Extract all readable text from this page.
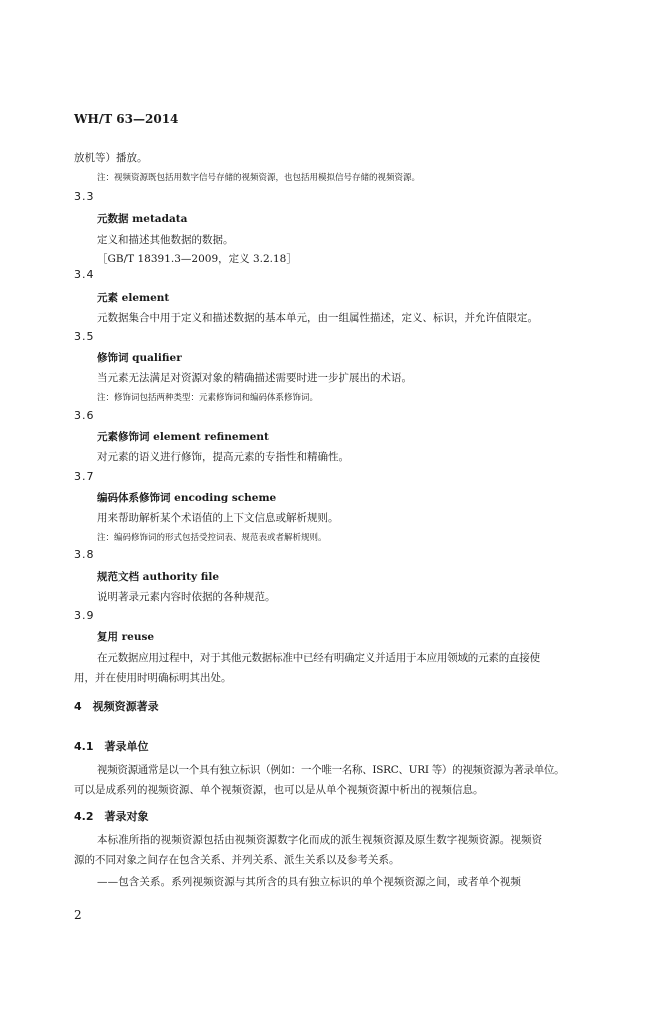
WH/T 63—2014
放机等）播放。
注：视频资源既包括用数字信号存储的视频资源，也包括用模拟信号存储的视频资源。
3.3
元数据 metadata
定义和描述其他数据的数据。
［GB/T 18391.3—2009，定义 3.2.18］
3.4
元素 element
元数据集合中用于定义和描述数据的基本单元，由一组属性描述，定义、标识，并允许值限定。
3.5
修饰词 qualifier
当元素无法满足对资源对象的精确描述需要时进一步扩展出的术语。
注：修饰词包括两种类型：元素修饰词和编码体系修饰词。
3.6
元素修饰词 element refinement
对元素的语义进行修饰，提高元素的专指性和精确性。
3.7
编码体系修饰词 encoding scheme
用来帮助解析某个术语值的上下文信息或解析规则。
注：编码修饰词的形式包括受控词表、规范表或者解析规则。
3.8
规范文档 authority file
说明著录元素内容时依据的各种规范。
3.9
复用 reuse
在元数据应用过程中，对于其他元数据标准中已经有明确定义并适用于本应用领域的元素的直接使
用，并在使用时明确标明其出处。
4　视频资源著录
4.1　著录单位
视频资源通常是以一个具有独立标识（例如：一个唯一名称、ISRC、URI 等）的视频资源为著录单位。
可以是成系列的视频资源、单个视频资源，也可以是从单个视频资源中析出的视频信息。
4.2　著录对象
本标准所指的视频资源包括由视频资源数字化而成的派生视频资源及原生数字视频资源。视频资
源的不同对象之间存在包含关系、并列关系、派生关系以及参考关系。
——包含关系。系列视频资源与其所含的具有独立标识的单个视频资源之间，或者单个视频
2
